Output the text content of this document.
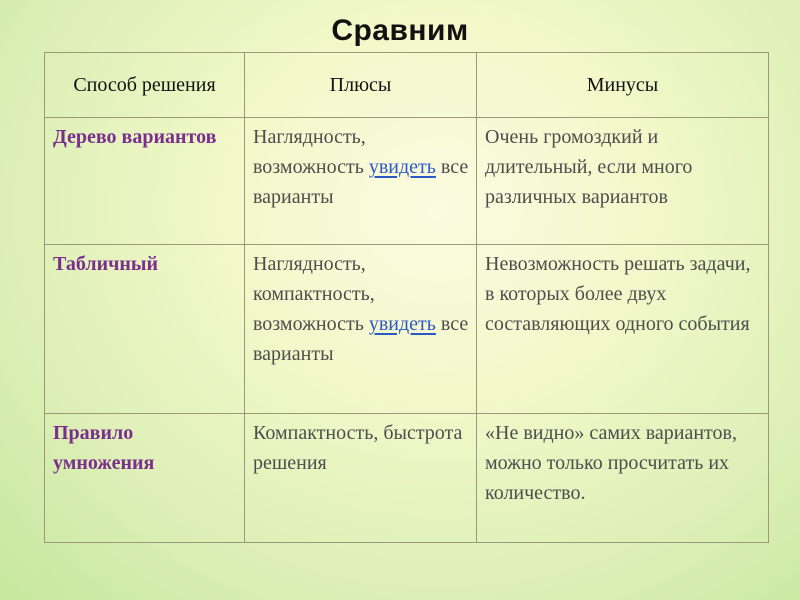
Сравним
Способ решения	Плюсы	Минусы
Дерево вариантов	Наглядность, возможность увидеть все варианты	Очень громоздкий и длительный, если много различных вариантов
Табличный	Наглядность, компактность, возможность увидеть все варианты	Невозможность решать задачи, в которых более двух составляющих одного события
Правило умножения	Компактность, быстрота решения	«Не видно» самих вариантов, можно только просчитать их количество.
